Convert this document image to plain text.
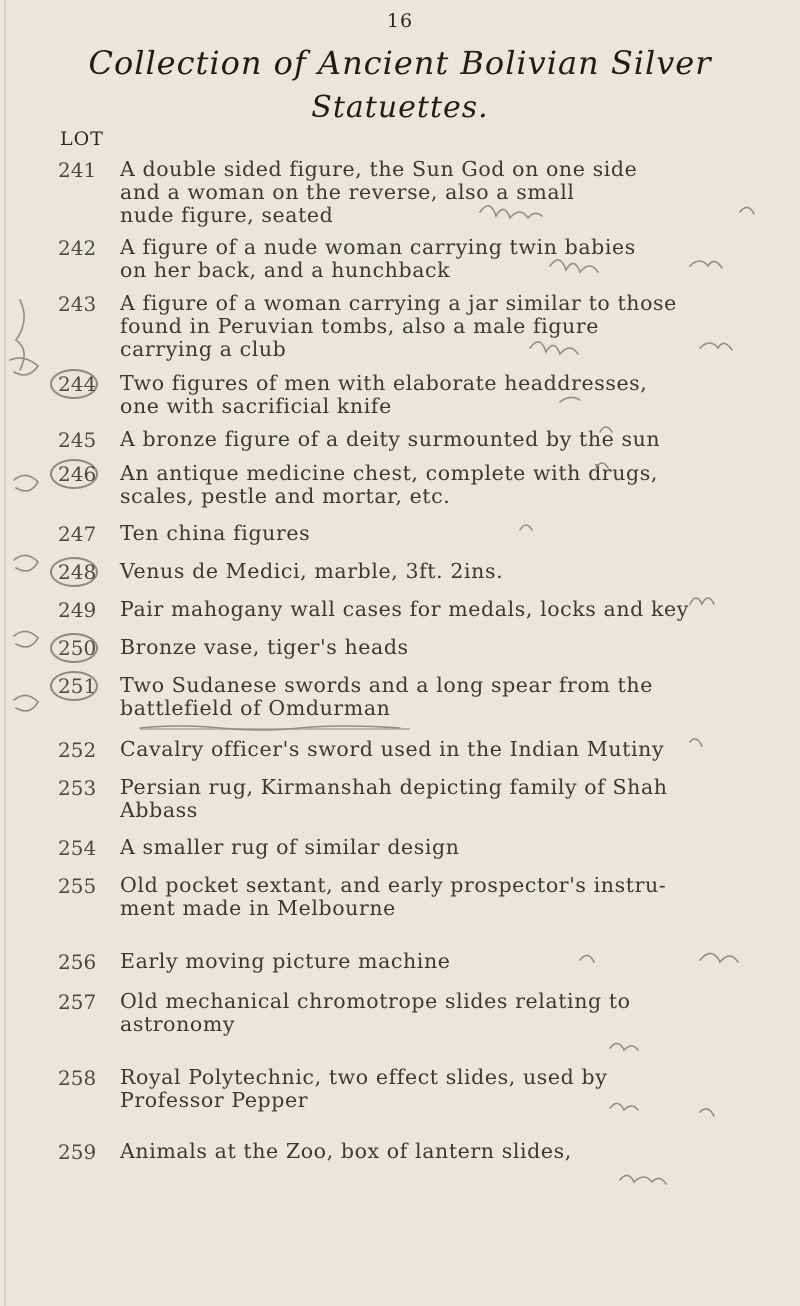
16
Collection of Ancient Bolivian Silver
Statuettes.
LOT
241	A double sided figure, the Sun God on one side
and a woman on the reverse, also a small
nude figure, seated
242	A figure of a nude woman carrying twin babies
on her back, and a hunchback
243	A figure of a woman carrying a jar similar to those
found in Peruvian tombs, also a male figure
carrying a club
244	Two figures of men with elaborate headdresses,
one with sacrificial knife
245	A bronze figure of a deity surmounted by the sun
246	An antique medicine chest, complete with drugs,
scales, pestle and mortar, etc.
247	Ten china figures
248	Venus de Medici, marble, 3ft. 2ins.
249	Pair mahogany wall cases for medals, locks and key
250	Bronze vase, tiger's heads
251	Two Sudanese swords and a long spear from the
battlefield of Omdurman
252	Cavalry officer's sword used in the Indian Mutiny
253	Persian rug, Kirmanshah depicting family of Shah
Abbass
254	A smaller rug of similar design
255	Old pocket sextant, and early prospector's instru-
ment made in Melbourne
256	Early moving picture machine
257	Old mechanical chromotrope slides relating to
astronomy
258	Royal Polytechnic, two effect slides, used by
Professor Pepper
259	Animals at the Zoo, box of lantern slides,
